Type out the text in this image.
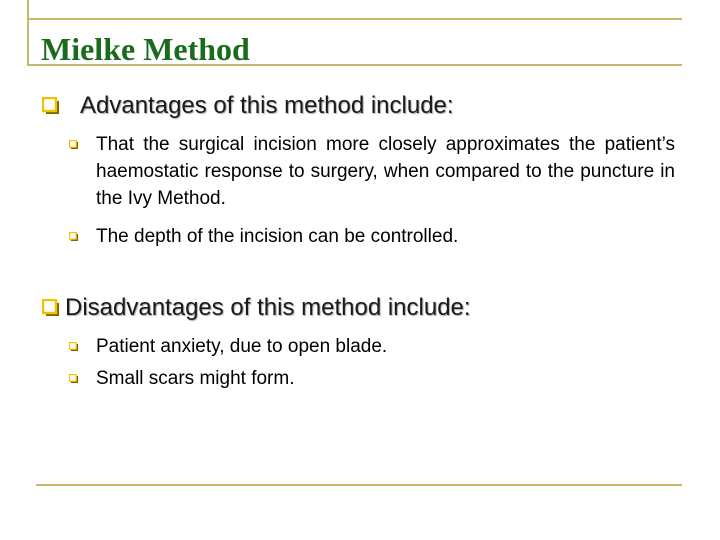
Mielke Method
Advantages of this method include:
That the surgical incision more closely approximates the patient’s haemostatic response to surgery, when compared to the puncture in the Ivy Method.
The depth of the incision can be controlled.
Disadvantages of this method include:
Patient anxiety, due to open blade.
Small scars might form.
